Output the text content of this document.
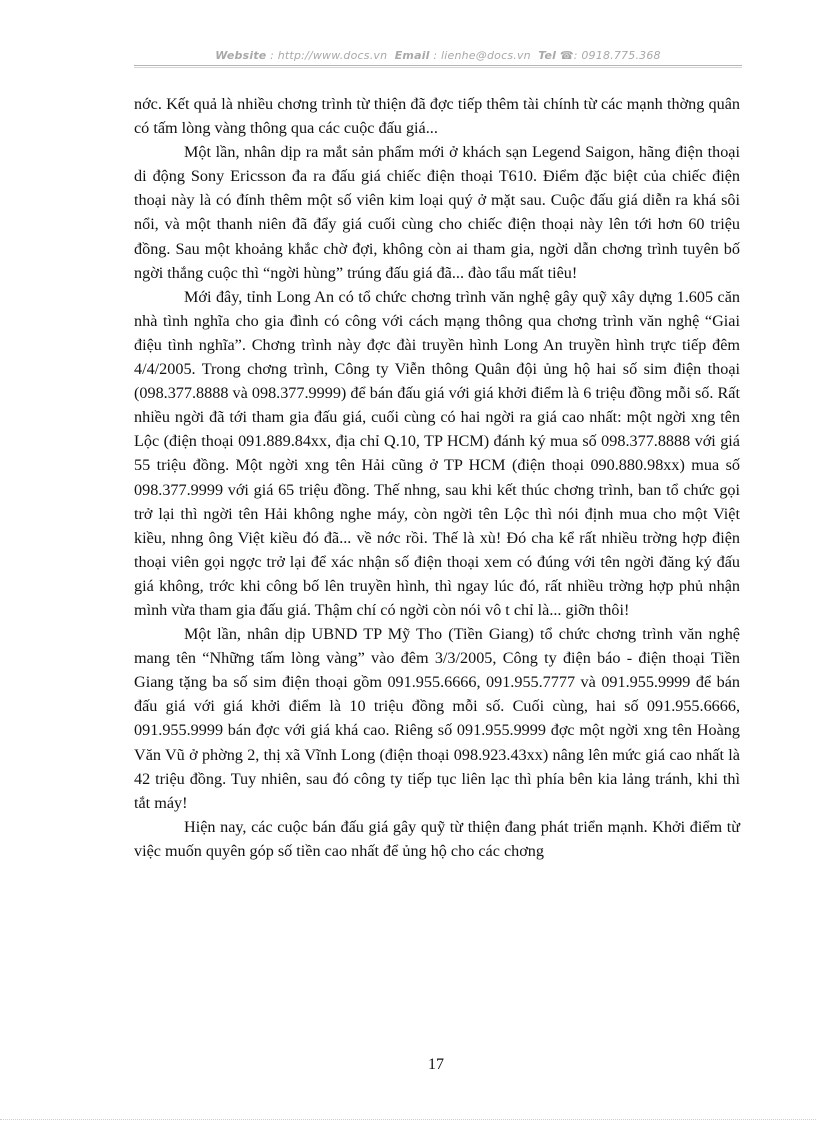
Website : http://www.docs.vn Email : lienhe@docs.vn Tel ☎: 0918.775.368

nớc. Kết quả là nhiều chơng trình từ thiện đã đợc tiếp thêm tài chính từ các mạnh thờng quân có tấm lòng vàng thông qua các cuộc đấu giá...

Một lần, nhân dịp ra mắt sản phẩm mới ở khách sạn Legend Saigon, hãng điện thoại di động Sony Ericsson đa ra đấu giá chiếc điện thoại T610. Điểm đặc biệt của chiếc điện thoại này là có đính thêm một số viên kim loại quý ở mặt sau. Cuộc đấu giá diễn ra khá sôi nổi, và một thanh niên đã đẩy giá cuối cùng cho chiếc điện thoại này lên tới hơn 60 triệu đồng. Sau một khoảng khắc chờ đợi, không còn ai tham gia, ngời dẫn chơng trình tuyên bố ngời thắng cuộc thì “ngời hùng” trúng đấu giá đã... đào tẩu mất tiêu!

Mới đây, tỉnh Long An có tổ chức chơng trình văn nghệ gây quỹ xây dựng 1.605 căn nhà tình nghĩa cho gia đình có công với cách mạng thông qua chơng trình văn nghệ “Giai điệu tình nghĩa”. Chơng trình này đợc đài truyền hình Long An truyền hình trực tiếp đêm 4/4/2005. Trong chơng trình, Công ty Viễn thông Quân đội ủng hộ hai số sim điện thoại (098.377.8888 và 098.377.9999) để bán đấu giá với giá khởi điểm là 6 triệu đồng mỗi số. Rất nhiều ngời đã tới tham gia đấu giá, cuối cùng có hai ngời ra giá cao nhất: một ngời xng tên Lộc (điện thoại 091.889.84xx, địa chỉ Q.10, TP HCM) đánh ký mua số 098.377.8888 với giá 55 triệu đồng. Một ngời xng tên Hải cũng ở TP HCM (điện thoại 090.880.98xx) mua số 098.377.9999 với giá 65 triệu đồng. Thế nhng, sau khi kết thúc chơng trình, ban tổ chức gọi trở lại thì ngời tên Hải không nghe máy, còn ngời tên Lộc thì nói định mua cho một Việt kiều, nhng ông Việt kiều đó đã... về nớc rồi. Thế là xù! Đó cha kể rất nhiều trờng hợp điện thoại viên gọi ngợc trở lại để xác nhận số điện thoại xem có đúng với tên ngời đăng ký đấu giá không, trớc khi công bố lên truyền hình, thì ngay lúc đó, rất nhiều trờng hợp phủ nhận mình vừa tham gia đấu giá. Thậm chí có ngời còn nói vô t chỉ là... giỡn thôi!

Một lần, nhân dịp UBND TP Mỹ Tho (Tiền Giang) tổ chức chơng trình văn nghệ mang tên “Những tấm lòng vàng” vào đêm 3/3/2005, Công ty điện báo - điện thoại Tiền Giang tặng ba số sim điện thoại gồm 091.955.6666, 091.955.7777 và 091.955.9999 để bán đấu giá với giá khởi điểm là 10 triệu đồng mỗi số. Cuối cùng, hai số 091.955.6666, 091.955.9999 bán đợc với giá khá cao. Riêng số 091.955.9999 đợc một ngời xng tên Hoàng Văn Vũ ở phờng 2, thị xã Vĩnh Long (điện thoại 098.923.43xx) nâng lên mức giá cao nhất là 42 triệu đồng. Tuy nhiên, sau đó công ty tiếp tục liên lạc thì phía bên kia lảng tránh, khi thì tắt máy!

Hiện nay, các cuộc bán đấu giá gây quỹ từ thiện đang phát triển mạnh. Khởi điểm từ việc muốn quyên góp số tiền cao nhất để ủng hộ cho các chơng

17
